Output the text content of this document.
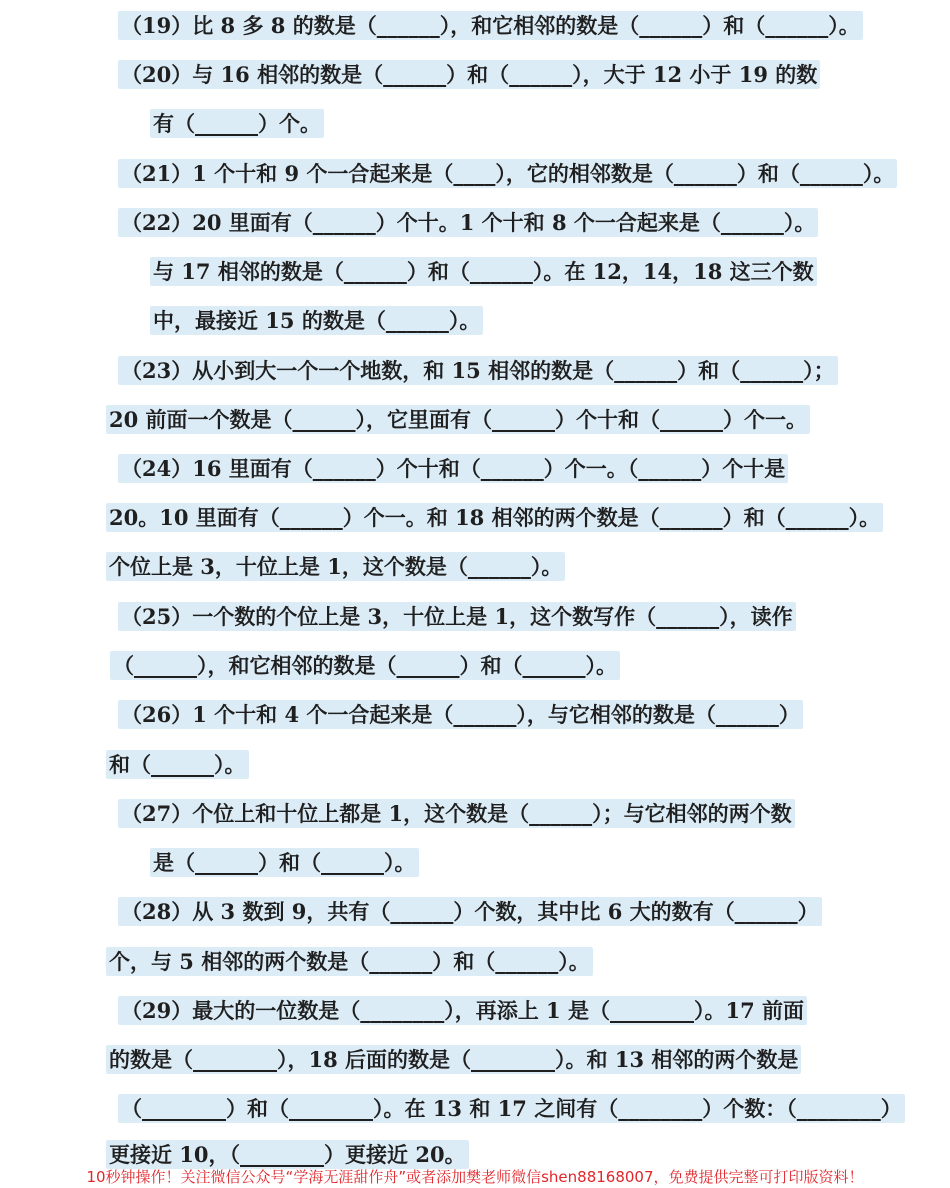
（19）比 8 多 8 的数是（______），和它相邻的数是（______）和（______）。
（20）与 16 相邻的数是（______）和（______），大于 12 小于 19 的数
有（______）个。
（21）1 个十和 9 个一合起来是（____），它的相邻数是（______）和（______）。
（22）20 里面有（______）个十。1 个十和 8 个一合起来是（______）。
与 17 相邻的数是（______）和（______）。在 12，14，18 这三个数
中，最接近 15 的数是（______）。
（23）从小到大一个一个地数，和 15 相邻的数是（______）和（______）；
20 前面一个数是（______），它里面有（______）个十和（______）个一。
（24）16 里面有（______）个十和（______）个一。（______）个十是
20。10 里面有（______）个一。和 18 相邻的两个数是（______）和（______）。
个位上是 3，十位上是 1，这个数是（______）。
（25）一个数的个位上是 3，十位上是 1，这个数写作（______），读作
（______），和它相邻的数是（______）和（______）。
（26）1 个十和 4 个一合起来是（______），与它相邻的数是（______）
和（______）。
（27）个位上和十位上都是 1，这个数是（______）；与它相邻的两个数
是（______）和（______）。
（28）从 3 数到 9，共有（______）个数，其中比 6 大的数有（______）
个，与 5 相邻的两个数是（______）和（______）。
（29）最大的一位数是（________），再添上 1 是（________）。17 前面
的数是（________），18 后面的数是（________）。和 13 相邻的两个数是
（________）和（________）。在 13 和 17 之间有（________）个数：（________）
更接近 10，（________）更接近 20。
10秒钟操作！关注微信公众号“学海无涯甜作舟”或者添加樊老师微信shen88168007，免费提供完整可打印版资料！
